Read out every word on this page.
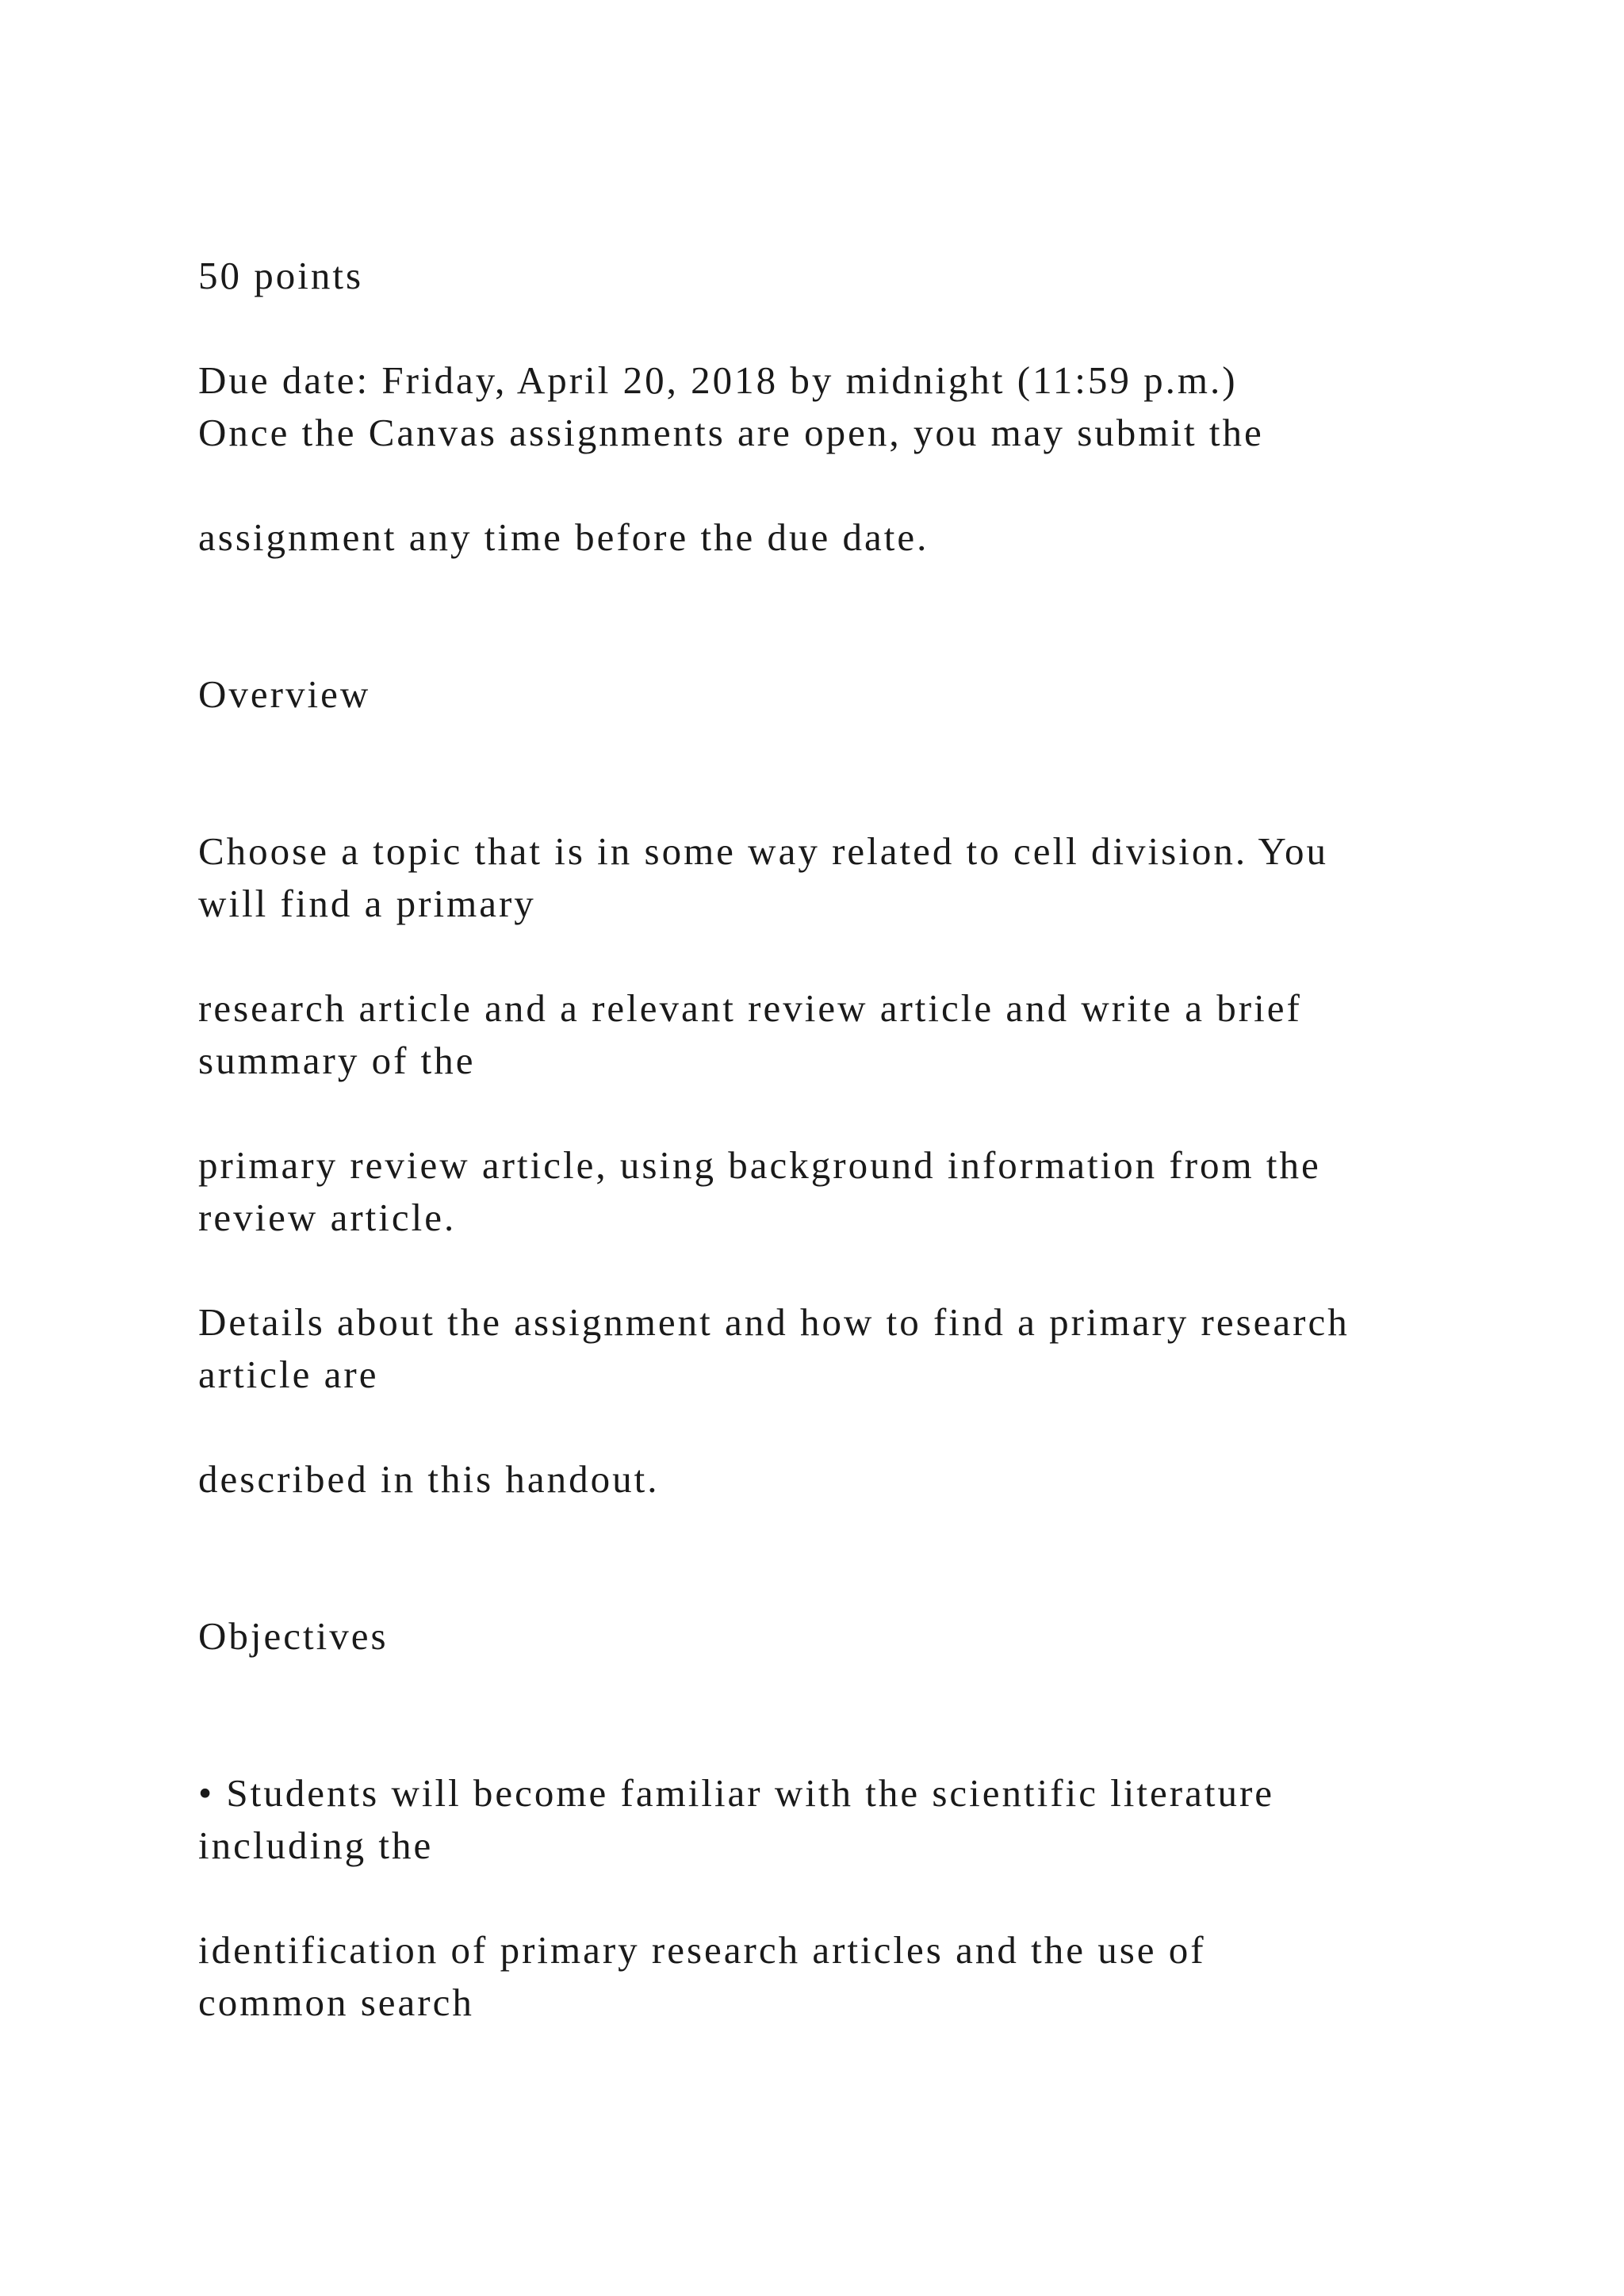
50 points

Due date: Friday, April 20, 2018 by midnight (11:59 p.m.)

Once the Canvas assignments are open, you may submit the

assignment any time before the due date.

Overview

Choose a topic that is in some way related to cell division. You

will find a primary

research article and a relevant review article and write a brief

summary of the

primary review article, using background information from the

review article.

Details about the assignment and how to find a primary research

article are

described in this handout.

Objectives

• Students will become familiar with the scientific literature

including the

identification of primary research articles and the use of

common search
